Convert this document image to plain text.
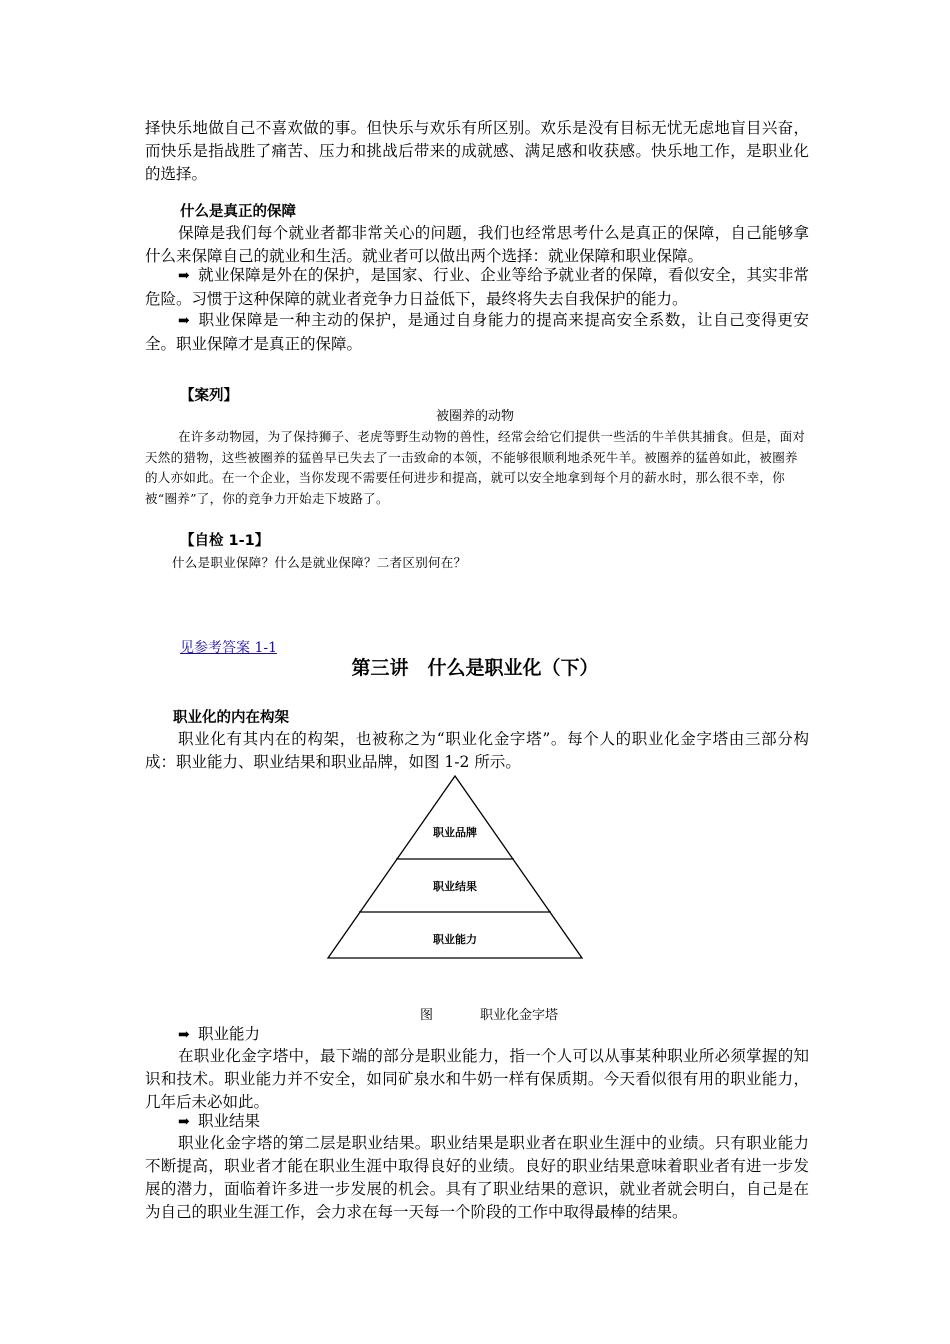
择快乐地做自己不喜欢做的事。但快乐与欢乐有所区别。欢乐是没有目标无忧无虑地盲目兴奋，而快乐是指战胜了痛苦、压力和挑战后带来的成就感、满足感和收获感。快乐地工作，是职业化的选择。

什么是真正的保障

保障是我们每个就业者都非常关心的问题，我们也经常思考什么是真正的保障，自己能够拿什么来保障自己的就业和生活。就业者可以做出两个选择：就业保障和职业保障。

➡ 就业保障是外在的保护，是国家、行业、企业等给予就业者的保障，看似安全，其实非常危险。习惯于这种保障的就业者竞争力日益低下，最终将失去自我保护的能力。

➡ 职业保障是一种主动的保护，是通过自身能力的提高来提高安全系数，让自己变得更安全。职业保障才是真正的保障。

【案列】

被圈养的动物

在许多动物园，为了保持狮子、老虎等野生动物的兽性，经常会给它们提供一些活的牛羊供其捕食。但是，面对天然的猎物，这些被圈养的猛兽早已失去了一击致命的本领，不能够很顺利地杀死牛羊。被圈养的猛兽如此，被圈养的人亦如此。在一个企业，当你发现不需要任何进步和提高，就可以安全地拿到每个月的薪水时，那么很不幸，你被“圈养”了，你的竞争力开始走下坡路了。

【自检 1-1】

什么是职业保障？什么是就业保障？二者区别何在？

见参考答案 1-1

第三讲　什么是职业化（下）

职业化的内在构架

职业化有其内在的构架，也被称之为“职业化金字塔”。每个人的职业化金字塔由三部分构成：职业能力、职业结果和职业品牌，如图 1-2 所示。

职业品牌
职业结果
职业能力

图	职业化金字塔

➡ 职业能力

在职业化金字塔中，最下端的部分是职业能力，指一个人可以从事某种职业所必须掌握的知识和技术。职业能力并不安全，如同矿泉水和牛奶一样有保质期。今天看似很有用的职业能力，几年后未必如此。

➡ 职业结果

职业化金字塔的第二层是职业结果。职业结果是职业者在职业生涯中的业绩。只有职业能力不断提高，职业者才能在职业生涯中取得良好的业绩。良好的职业结果意味着职业者有进一步发展的潜力，面临着许多进一步发展的机会。具有了职业结果的意识，就业者就会明白，自己是在为自己的职业生涯工作，会力求在每一天每一个阶段的工作中取得最棒的结果。
